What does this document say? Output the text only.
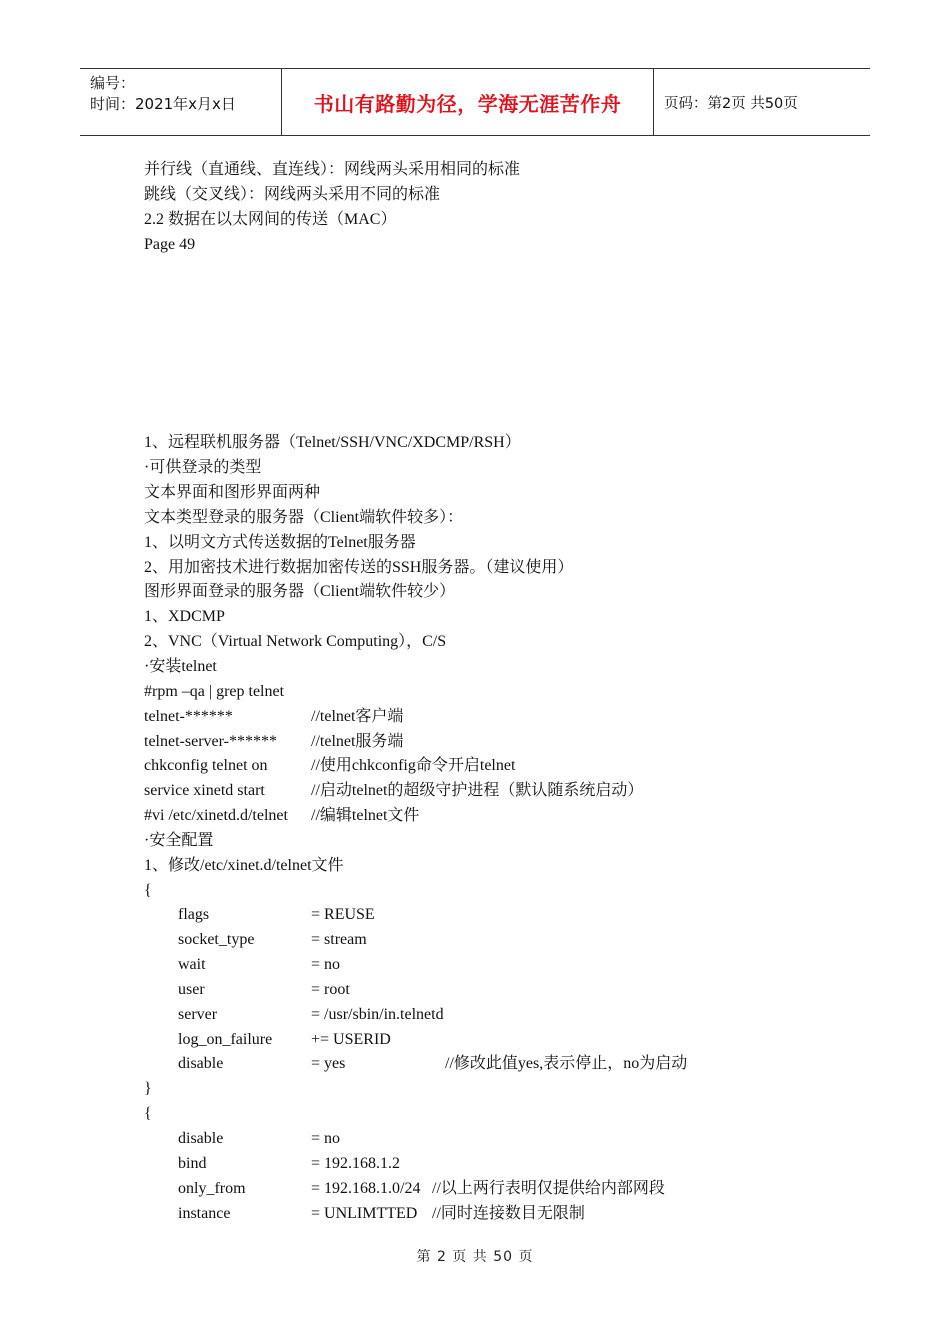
编号：
时间：2021年x月x日	书山有路勤为径，学海无涯苦作舟	页码：第2页 共50页
并行线（直通线、直连线）：网线两头采用相同的标准
跳线（交叉线）：网线两头采用不同的标准
2.2 数据在以太网间的传送（MAC）
Page 49
1、远程联机服务器（Telnet/SSH/VNC/XDCMP/RSH）
·可供登录的类型
文本界面和图形界面两种
文本类型登录的服务器（Client端软件较多）：
1、以明文方式传送数据的Telnet服务器
2、用加密技术进行数据加密传送的SSH服务器。（建议使用）
图形界面登录的服务器（Client端软件较少）
1、XDCMP
2、VNC（Virtual Network Computing），C/S
·安装telnet
#rpm –qa | grep telnet
telnet-******	//telnet客户端
telnet-server-******	//telnet服务端
chkconfig telnet on	//使用chkconfig命令开启telnet
service xinetd start	//启动telnet的超级守护进程（默认随系统启动）
#vi /etc/xinetd.d/telnet	//编辑telnet文件
·安全配置
1、修改/etc/xinet.d/telnet文件
{
flags	= REUSE
socket_type	= stream
wait	= no
user	= root
server	= /usr/sbin/in.telnetd
log_on_failure	+= USERID
disable	= yes	//修改此值yes,表示停止，no为启动
}
{
disable	= no
bind	= 192.168.1.2
only_from	= 192.168.1.0/24 //以上两行表明仅提供给内部网段
instance	= UNLIMTTED //同时连接数目无限制
第 2 页 共 50 页
